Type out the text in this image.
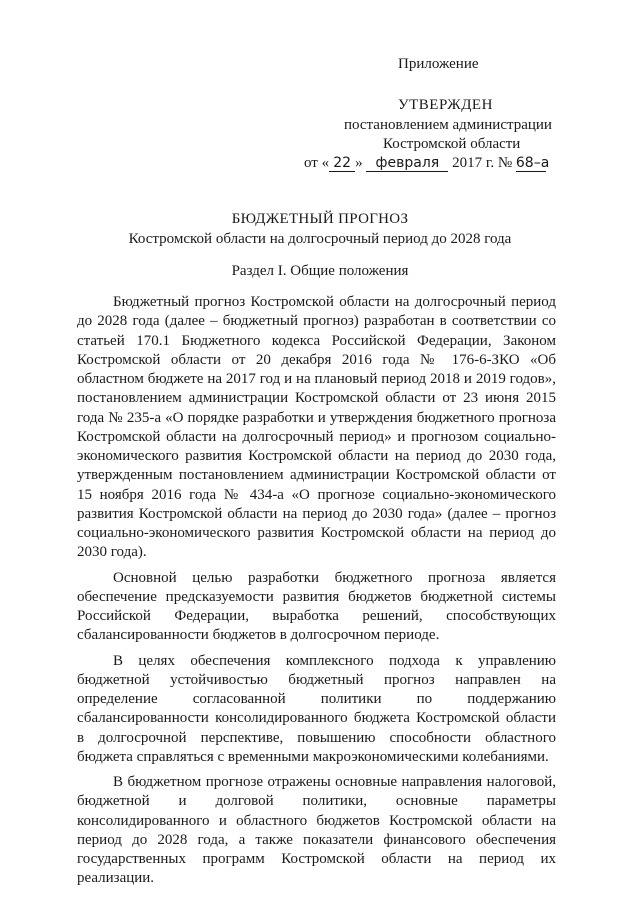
Приложение
УТВЕРЖДЕН
постановлением администрации
Костромской области
от « 22 » февраля 2017 г. № 68–а
БЮДЖЕТНЫЙ ПРОГНОЗ
Костромской области на долгосрочный период до 2028 года
Раздел I. Общие положения

Бюджетный прогноз Костромской области на долгосрочный период до 2028 года (далее – бюджетный прогноз) разработан в соответствии со статьей 170.1 Бюджетного кодекса Российской Федерации, Законом Костромской области от 20 декабря 2016 года № 176-6-ЗКО «Об областном бюджете на 2017 год и на плановый период 2018 и 2019 годов», постановлением администрации Костромской области от 23 июня 2015 года № 235-а «О порядке разработки и утверждения бюджетного прогноза Костромской области на долгосрочный период» и прогнозом социально-экономического развития Костромской области на период до 2030 года, утвержденным постановлением администрации Костромской области от 15 ноября 2016 года № 434-а «О прогнозе социально-экономического развития Костромской области на период до 2030 года» (далее – прогноз социально-экономического развития Костромской области на период до 2030 года).

Основной целью разработки бюджетного прогноза является обеспечение предсказуемости развития бюджетов бюджетной системы Российской Федерации, выработка решений, способствующих сбалансированности бюджетов в долгосрочном периоде.

В целях обеспечения комплексного подхода к управлению бюджетной устойчивостью бюджетный прогноз направлен на определение согласованной политики по поддержанию сбалансированности консолидированного бюджета Костромской области в долгосрочной перспективе, повышению способности областного бюджета справляться с временными макроэкономическими колебаниями.

В бюджетном прогнозе отражены основные направления налоговой, бюджетной и долговой политики, основные параметры консолидированного и областного бюджетов Костромской области на период до 2028 года, а также показатели финансового обеспечения государственных программ Костромской области на период их реализации.
